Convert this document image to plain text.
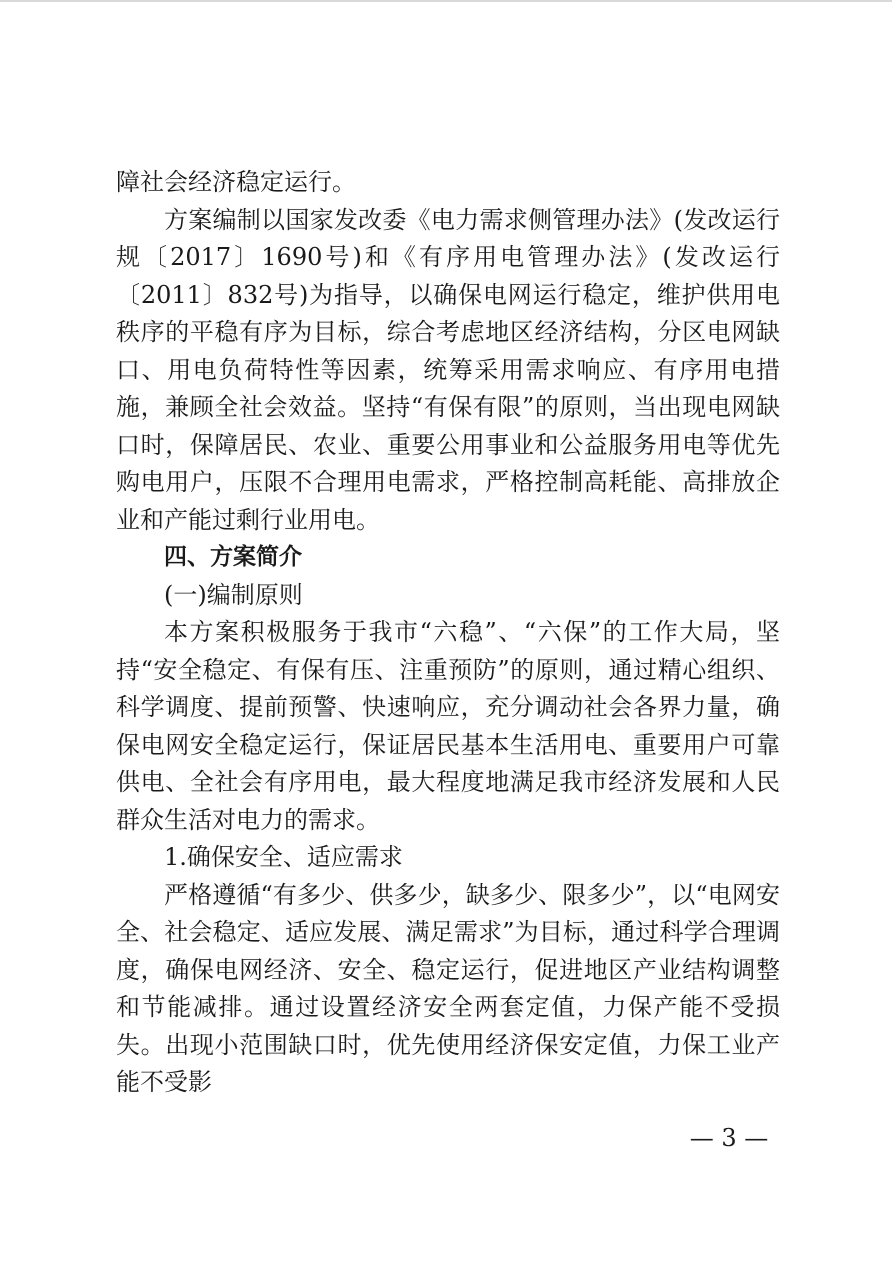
障社会经济稳定运行。

方案编制以国家发改委《电力需求侧管理办法》(发改运行规〔2017〕1690号)和《有序用电管理办法》(发改运行〔2011〕832号)为指导，以确保电网运行稳定，维护供用电秩序的平稳有序为目标，综合考虑地区经济结构，分区电网缺口、用电负荷特性等因素，统筹采用需求响应、有序用电措施，兼顾全社会效益。坚持“有保有限”的原则，当出现电网缺口时，保障居民、农业、重要公用事业和公益服务用电等优先购电用户，压限不合理用电需求，严格控制高耗能、高排放企业和产能过剩行业用电。

四、方案简介

(一)编制原则

本方案积极服务于我市“六稳”、“六保”的工作大局，坚持“安全稳定、有保有压、注重预防”的原则，通过精心组织、科学调度、提前预警、快速响应，充分调动社会各界力量，确保电网安全稳定运行，保证居民基本生活用电、重要用户可靠供电、全社会有序用电，最大程度地满足我市经济发展和人民群众生活对电力的需求。

1.确保安全、适应需求

严格遵循“有多少、供多少，缺多少、限多少”，以“电网安全、社会稳定、适应发展、满足需求”为目标，通过科学合理调度，确保电网经济、安全、稳定运行，促进地区产业结构调整和节能减排。通过设置经济安全两套定值，力保产能不受损失。出现小范围缺口时，优先使用经济保安定值，力保工业产能不受影

— 3 —
